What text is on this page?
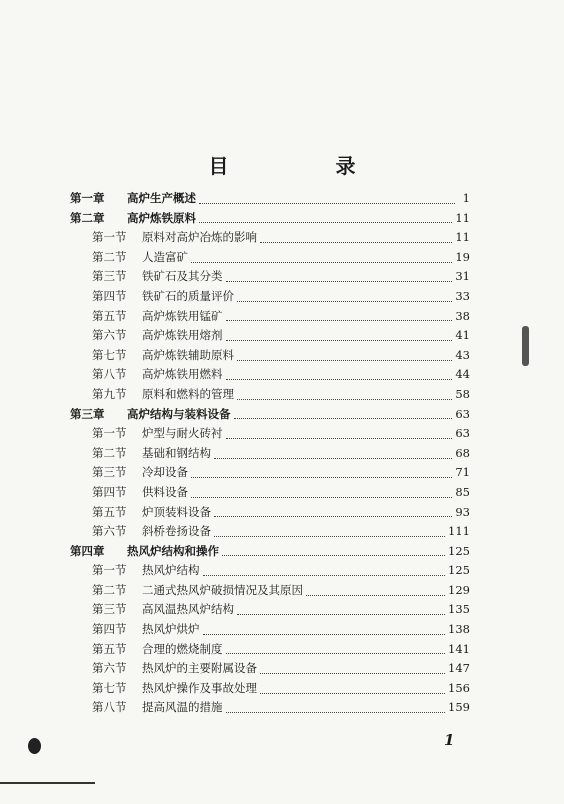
目 录
第一章	高炉生产概述	1
第二章	高炉炼铁原料	11
第一节	原料对高炉冶炼的影响	11
第二节	人造富矿	19
第三节	铁矿石及其分类	31
第四节	铁矿石的质量评价	33
第五节	高炉炼铁用锰矿	38
第六节	高炉炼铁用熔剂	41
第七节	高炉炼铁辅助原料	43
第八节	高炉炼铁用燃料	44
第九节	原料和燃料的管理	58
第三章	高炉结构与装料设备	63
第一节	炉型与耐火砖衬	63
第二节	基础和钢结构	68
第三节	冷却设备	71
第四节	供料设备	85
第五节	炉顶装料设备	93
第六节	斜桥卷扬设备	111
第四章	热风炉结构和操作	125
第一节	热风炉结构	125
第二节	二通式热风炉破损情况及其原因	129
第三节	高风温热风炉结构	135
第四节	热风炉烘炉	138
第五节	合理的燃烧制度	141
第六节	热风炉的主要附属设备	147
第七节	热风炉操作及事故处理	156
第八节	提高风温的措施	159
1
